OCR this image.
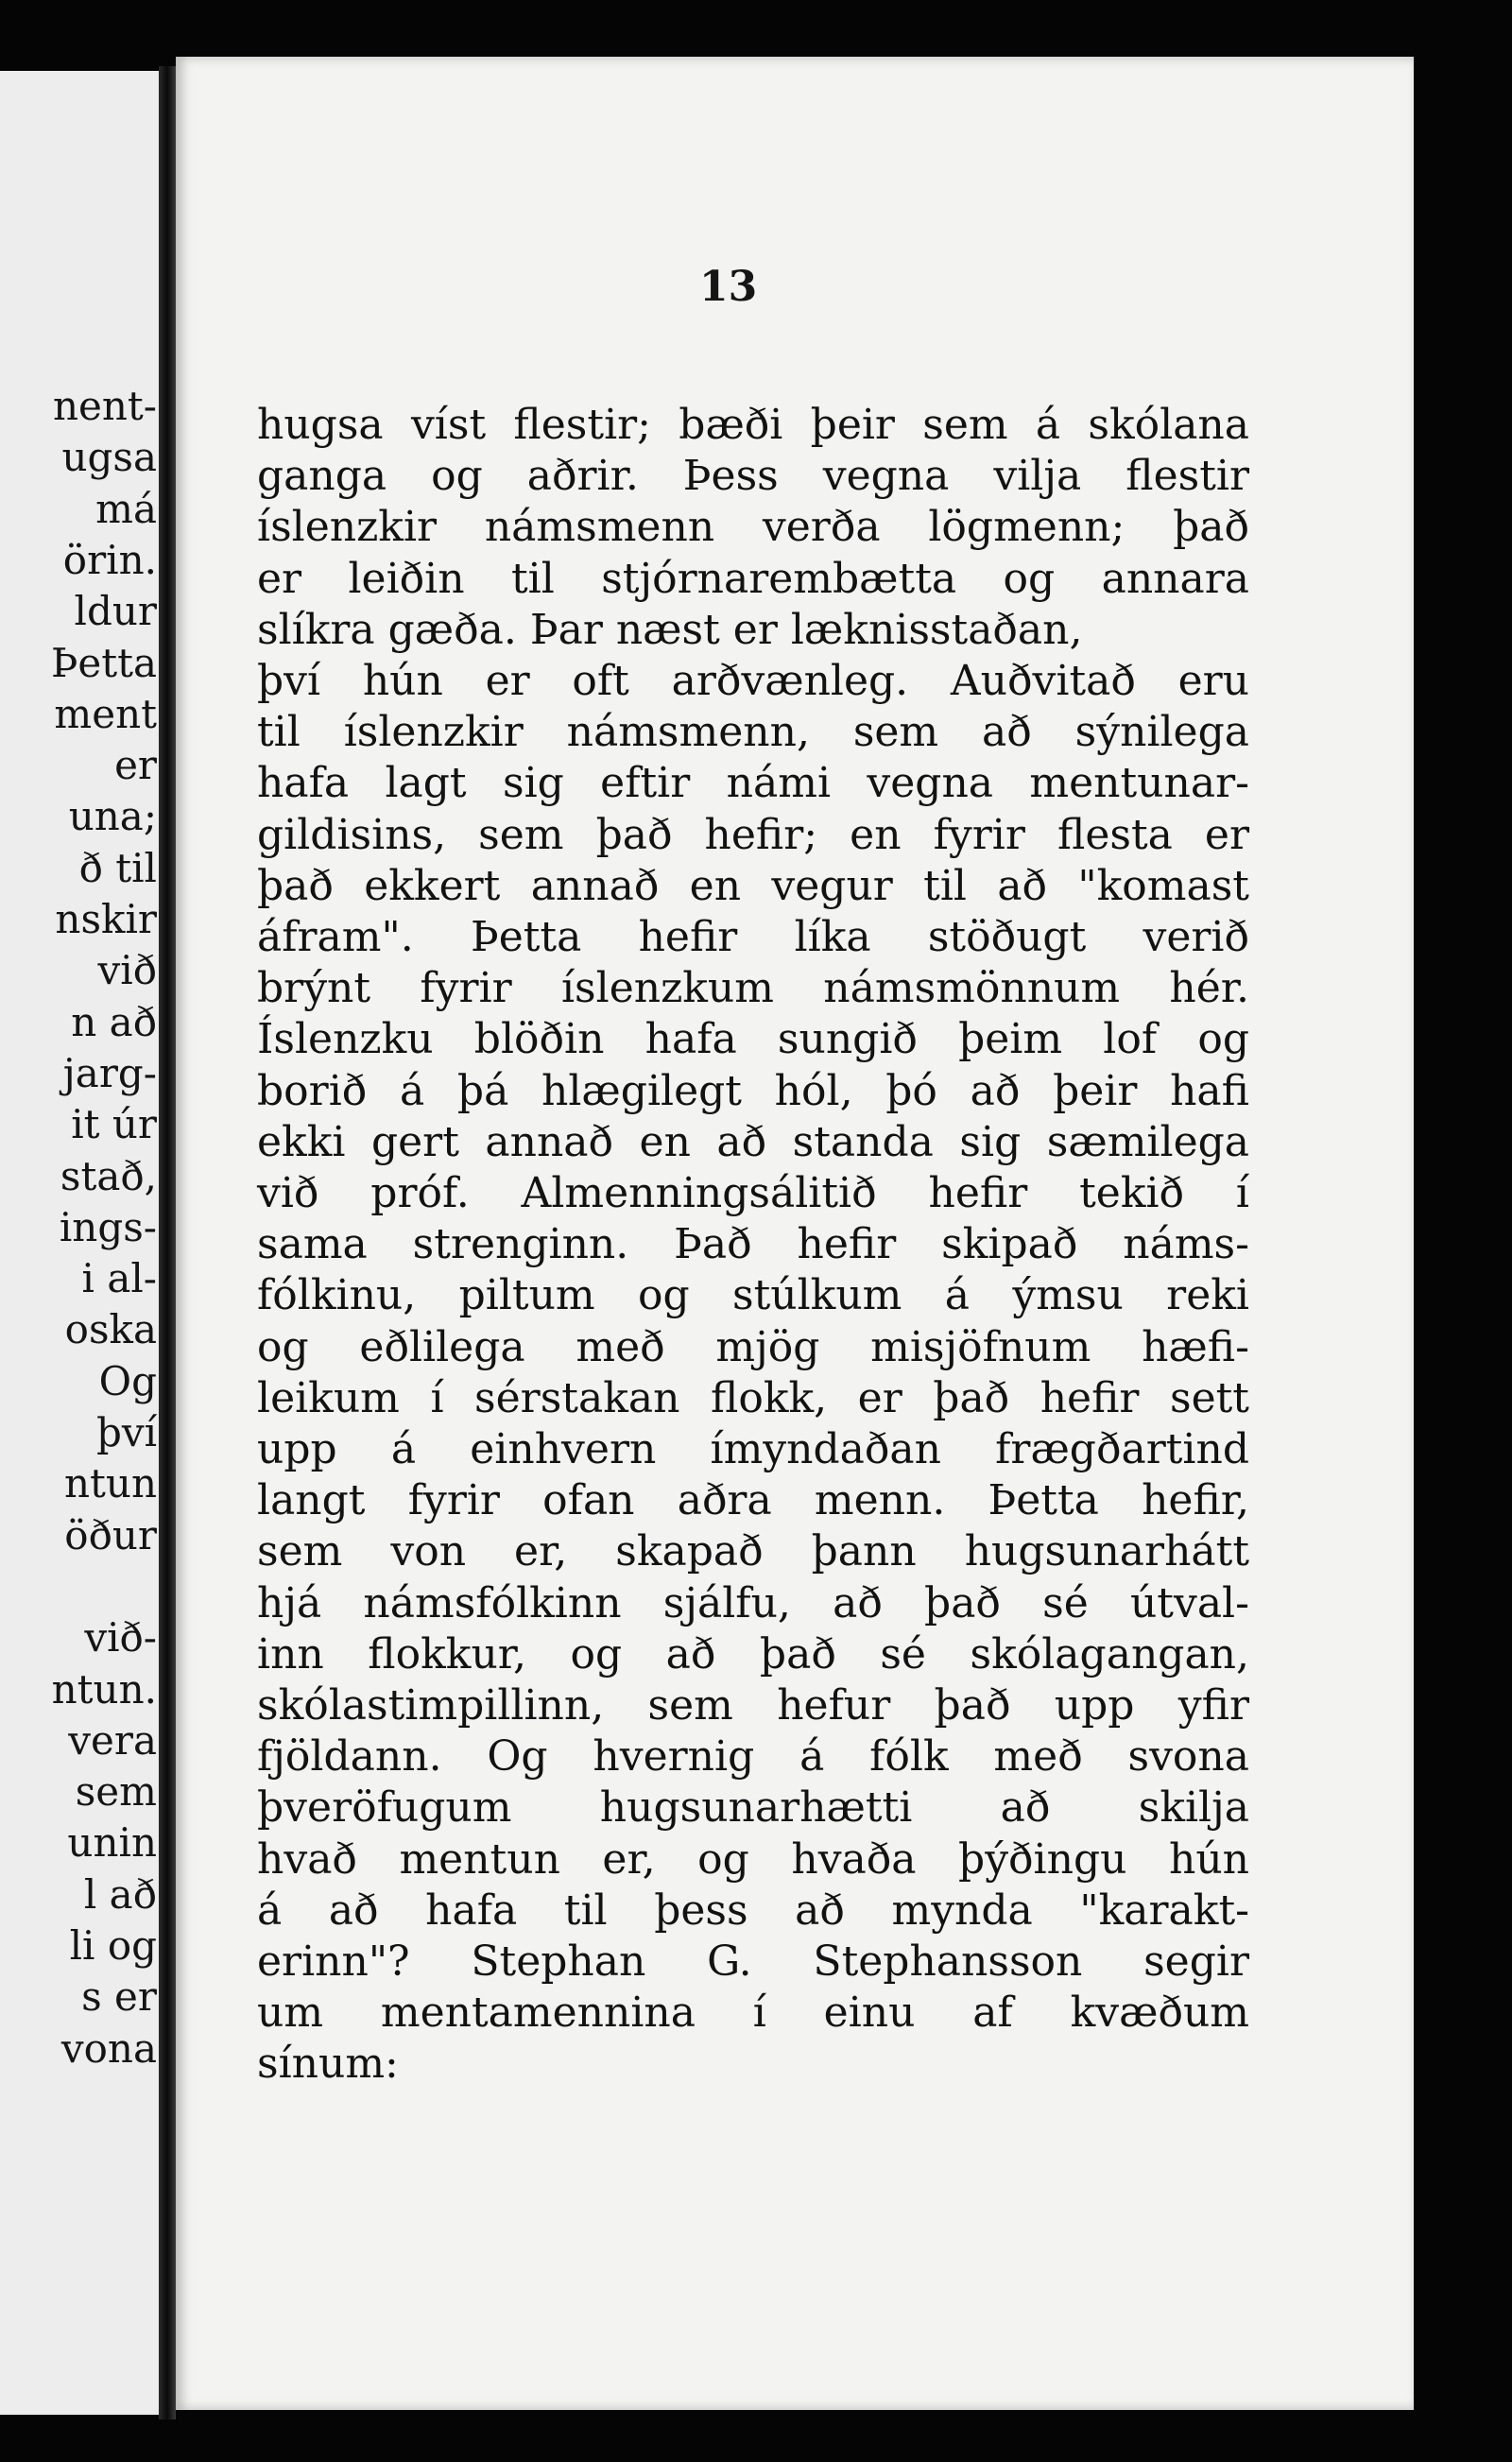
nent-
ugsa
má
örin.
ldur
Þetta
ment
er
una;
ð til
nskir
við
n að
jarg-
it úr
stað,
ings-
i al-
oska
Og
því
ntun
öður
við-
ntun.
vera
sem
unin
l að
li og
s er
vona
13
hugsa víst flestir; bæði þeir sem á skólana
ganga og aðrir. Þess vegna vilja flestir
íslenzkir námsmenn verða lögmenn; það
er leiðin til stjórnarembætta og annara
slíkra gæða. Þar næst er læknisstaðan,
því hún er oft arðvænleg. Auðvitað eru
til íslenzkir námsmenn, sem að sýnilega
hafa lagt sig eftir námi vegna mentunar-
gildisins, sem það hefir; en fyrir flesta er
það ekkert annað en vegur til að "komast
áfram". Þetta hefir líka stöðugt verið
brýnt fyrir íslenzkum námsmönnum hér.
Íslenzku blöðin hafa sungið þeim lof og
borið á þá hlægilegt hól, þó að þeir hafi
ekki gert annað en að standa sig sæmilega
við próf. Almenningsálitið hefir tekið í
sama strenginn. Það hefir skipað náms-
fólkinu, piltum og stúlkum á ýmsu reki
og eðlilega með mjög misjöfnum hæfi-
leikum í sérstakan flokk, er það hefir sett
upp á einhvern ímyndaðan frægðartind
langt fyrir ofan aðra menn. Þetta hefir,
sem von er, skapað þann hugsunarhátt
hjá námsfólkinn sjálfu, að það sé útval-
inn flokkur, og að það sé skólagangan,
skólastimpillinn, sem hefur það upp yfir
fjöldann. Og hvernig á fólk með svona
þveröfugum hugsunarhætti að skilja
hvað mentun er, og hvaða þýðingu hún
á að hafa til þess að mynda "karakt-
erinn"? Stephan G. Stephansson segir
um mentamennina í einu af kvæðum
sínum:
